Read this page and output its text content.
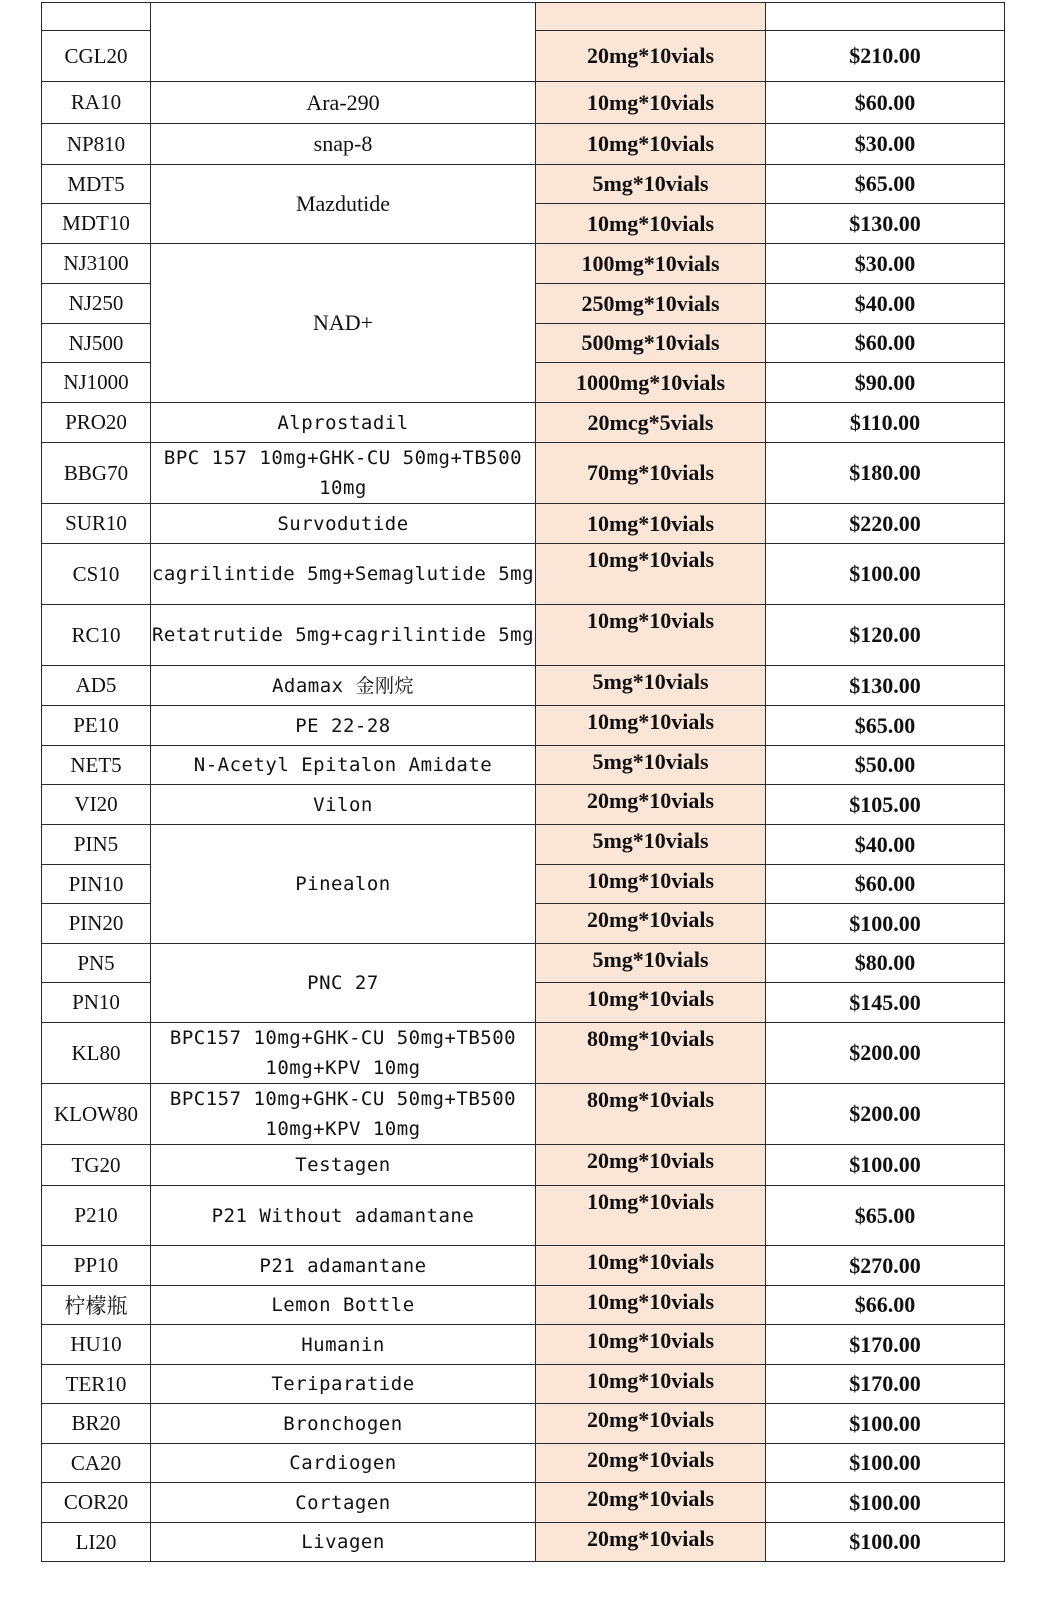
CGL20		20mg*10vials	$210.00
RA10	Ara-290	10mg*10vials	$60.00
NP810	snap-8	10mg*10vials	$30.00
MDT5	Mazdutide	5mg*10vials	$65.00
MDT10		10mg*10vials	$130.00
NJ3100	NAD+	100mg*10vials	$30.00
NJ250		250mg*10vials	$40.00
NJ500		500mg*10vials	$60.00
NJ1000		1000mg*10vials	$90.00
PRO20	Alprostadil	20mcg*5vials	$110.00
BBG70	BPC 157 10mg+GHK-CU 50mg+TB500 10mg	70mg*10vials	$180.00
SUR10	Survodutide	10mg*10vials	$220.00
CS10	cagrilintide 5mg+Semaglutide 5mg	10mg*10vials	$100.00
RC10	Retatrutide 5mg+cagrilintide 5mg	10mg*10vials	$120.00
AD5	Adamax 金刚烷	5mg*10vials	$130.00
PE10	PE 22-28	10mg*10vials	$65.00
NET5	N-Acetyl Epitalon Amidate	5mg*10vials	$50.00
VI20	Vilon	20mg*10vials	$105.00
PIN5	Pinealon	5mg*10vials	$40.00
PIN10		10mg*10vials	$60.00
PIN20		20mg*10vials	$100.00
PN5	PNC 27	5mg*10vials	$80.00
PN10		10mg*10vials	$145.00
KL80	BPC157 10mg+GHK-CU 50mg+TB500 10mg+KPV 10mg	80mg*10vials	$200.00
KLOW80	BPC157 10mg+GHK-CU 50mg+TB500 10mg+KPV 10mg	80mg*10vials	$200.00
TG20	Testagen	20mg*10vials	$100.00
P210	P21 Without adamantane	10mg*10vials	$65.00
PP10	P21 adamantane	10mg*10vials	$270.00
柠檬瓶	Lemon Bottle	10mg*10vials	$66.00
HU10	Humanin	10mg*10vials	$170.00
TER10	Teriparatide	10mg*10vials	$170.00
BR20	Bronchogen	20mg*10vials	$100.00
CA20	Cardiogen	20mg*10vials	$100.00
COR20	Cortagen	20mg*10vials	$100.00
LI20	Livagen	20mg*10vials	$100.00
